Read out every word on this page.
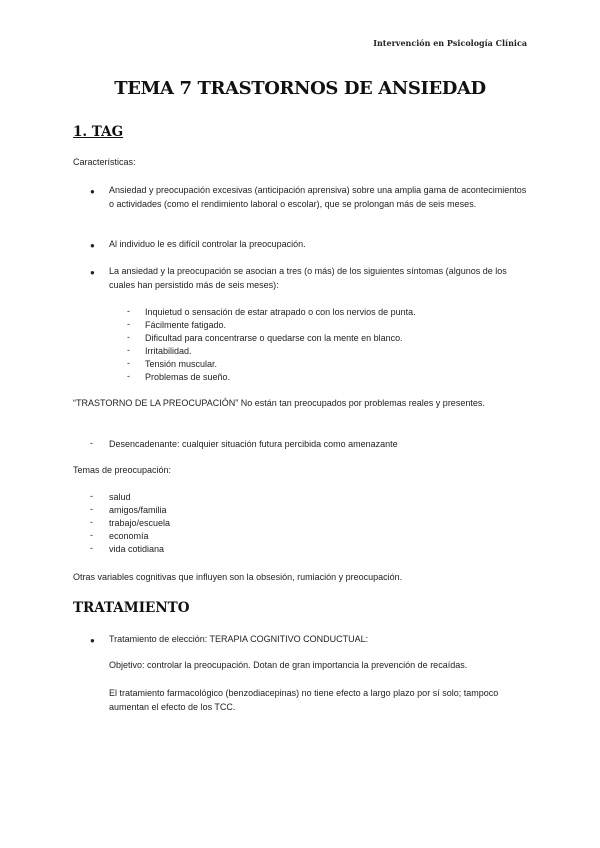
Intervención en Psicología Clínica
TEMA 7 TRASTORNOS DE ANSIEDAD
1. TAG

Características:

● Ansiedad y preocupación excesivas (anticipación aprensiva) sobre una amplia gama de acontecimientos o actividades (como el rendimiento laboral o escolar), que se prolongan más de seis meses.

● Al individuo le es difícil controlar la preocupación.

● La ansiedad y la preocupación se asocian a tres (o más) de los siguientes síntomas (algunos de los cuales han persistido más de seis meses):

- Inquietud o sensación de estar atrapado o con los nervios de punta.

- Fácilmente fatigado.

- Dificultad para concentrarse o quedarse con la mente en blanco.

- Irritabilidad.

- Tensión muscular.

- Problemas de sueño.

“TRASTORNO DE LA PREOCUPACIÓN” No están tan preocupados por problemas reales y presentes.

- Desencadenante: cualquier situación futura percibida como amenazante

Temas de preocupación:

- salud

- amigos/familia

- trabajo/escuela

- economía

- vida cotidiana

Otras variables cognitivas que influyen son la obsesión, rumiación y preocupación.

TRATAMIENTO
● Tratamiento de elección: TERAPIA COGNITIVO CONDUCTUAL:

Objetivo: controlar la preocupación. Dotan de gran importancia la prevención de recaídas.

El tratamiento farmacológico (benzodiacepinas) no tiene efecto a largo plazo por sí solo; tampoco aumentan el efecto de los TCC.
